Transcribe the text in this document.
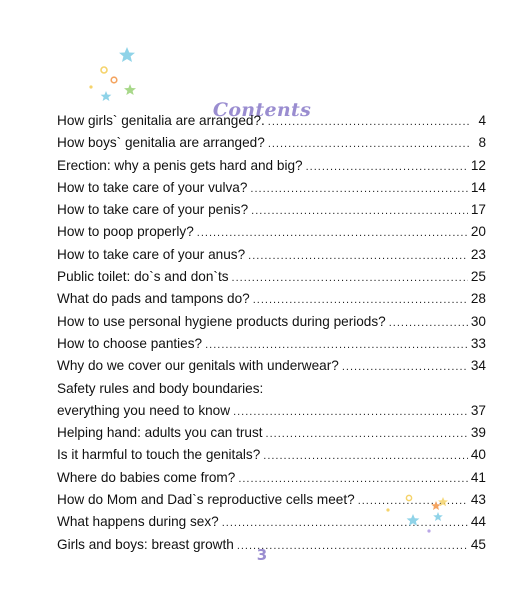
Contents
How girls` genitalia are arranged?. .....	4
How boys` genitalia are arranged? .....	8
Erection: why a penis gets hard and big? .....	12
How to take care of your vulva? .....	14
How to take care of your penis? .....	17
How to poop properly? .....	20
How to take care of your anus? .....	23
Public toilet: do`s and don`ts .....	25
What do pads and tampons do? .....	28
How to use personal hygiene products during periods? .....	30
How to choose panties? .....	33
Why do we cover our genitals with underwear? .....	34
Safety rules and body boundaries:
everything you need to know .....	37
Helping hand: adults you can trust .....	39
Is it harmful to touch the genitals? .....	40
Where do babies come from? .....	41
How do Mom and Dad`s reproductive cells meet? .....	43
What happens during sex? .....	44
Girls and boys: breast growth .....	45
3
